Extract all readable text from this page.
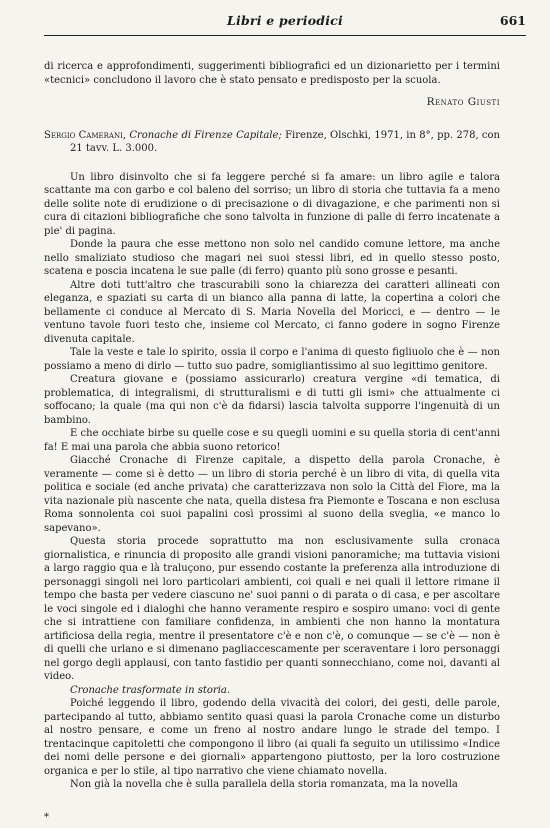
Libri e periodici	661

di ricerca e approfondimenti, suggerimenti bibliografici ed un dizionarietto per i termini «tecnici» concludono il lavoro che è stato pensato e predisposto per la scuola.

Renato Giusti

Sergio Camerani, Cronache di Firenze Capitale; Firenze, Olschki, 1971, in 8°, pp. 278, con 21 tavv. L. 3.000.

Un libro disinvolto che si fa leggere perché si fa amare: un libro agile e talora scattante ma con garbo e col baleno del sorriso; un libro di storia che tuttavia fa a meno delle solite note di erudizione o di precisazione o di divagazione, e che parimenti non si cura di citazioni bibliografiche che sono talvolta in funzione di palle di ferro incatenate a pie' di pagina.

Donde la paura che esse mettono non solo nel candido comune lettore, ma anche nello smaliziato studioso che magari nei suoi stessi libri, ed in quello stesso posto, scatena e poscia incatena le sue palle (di ferro) quanto più sono grosse e pesanti.

Altre doti tutt'altro che trascurabili sono la chiarezza dei caratteri allineati con eleganza, e spaziati su carta di un bianco alla panna di latte, la copertina a colori che bellamente ci conduce al Mercato di S. Maria Novella del Moricci, e — dentro — le ventuno tavole fuori testo che, insieme col Mercato, ci fanno godere in sogno Firenze divenuta capitale.

Tale la veste e tale lo spirito, ossia il corpo e l'anima di questo figliuolo che è — non possiamo a meno di dirlo — tutto suo padre, somigliantissimo al suo legittimo genitore.

Creatura giovane e (possiamo assicurarlo) creatura vergine «di tematica, di problematica, di integralismi, di strutturalismi e di tutti gli ismi» che attualmente ci soffocano; la quale (ma qui non c'è da fidarsi) lascia talvolta supporre l'ingenuità di un bambino.

E che occhiate birbe su quelle cose e su quegli uomini e su quella storia di cent'anni fa! E mai una parola che abbia suono retorico!

Giacché Cronache di Firenze capitale, a dispetto della parola Cronache, è veramente — come si è detto — un libro di storia perché è un libro di vita, di quella vita politica e sociale (ed anche privata) che caratterizzava non solo la Città del Fiore, ma la vita nazionale più nascente che nata, quella distesa fra Piemonte e Toscana e non esclusa Roma sonnolenta coi suoi papalini così prossimi al suono della sveglia, «e manco lo sapevano».

Questa storia procede soprattutto ma non esclusivamente sulla cronaca giornalistica, e rinuncia di proposito alle grandi visioni panoramiche; ma tuttavia visioni a largo raggio qua e là traluçono, pur essendo costante la preferenza alla introduzione di personaggi singoli nei loro particolari ambienti, coi quali e nei quali il lettore rimane il tempo che basta per vedere ciascuno ne' suoi panni o di parata o di casa, e per ascoltare le voci singole ed i dialoghi che hanno veramente respiro e sospiro umano: voci di gente che si intrattiene con familiare confidenza, in ambienti che non hanno la montatura artificiosa della regia, mentre il presentatore c'è e non c'è, o comunque — se c'è — non è di quelli che urlano e si dimenano pagliaccescamente per sceraventare i loro personaggi nel gorgo degli applausi, con tanto fastidio per quanti sonnecchiano, come noi, davanti al video.

Cronache trasformate in storia.

Poiché leggendo il libro, godendo della vivacità dei colori, dei gesti, delle parole, partecipando al tutto, abbiamo sentito quasi quasi la parola Cronache come un disturbo al nostro pensare, e come un freno al nostro andare lungo le strade del tempo. I trentacinque capitoletti che compongono il libro (ai quali fa seguito un utilissimo «Indice dei nomi delle persone e dei giornali» appartengono piuttosto, per la loro costruzione organica e per lo stile, al tipo narrativo che viene chiamato novella.

Non già la novella che è sulla parallela della storia romanzata, ma la novella

*
